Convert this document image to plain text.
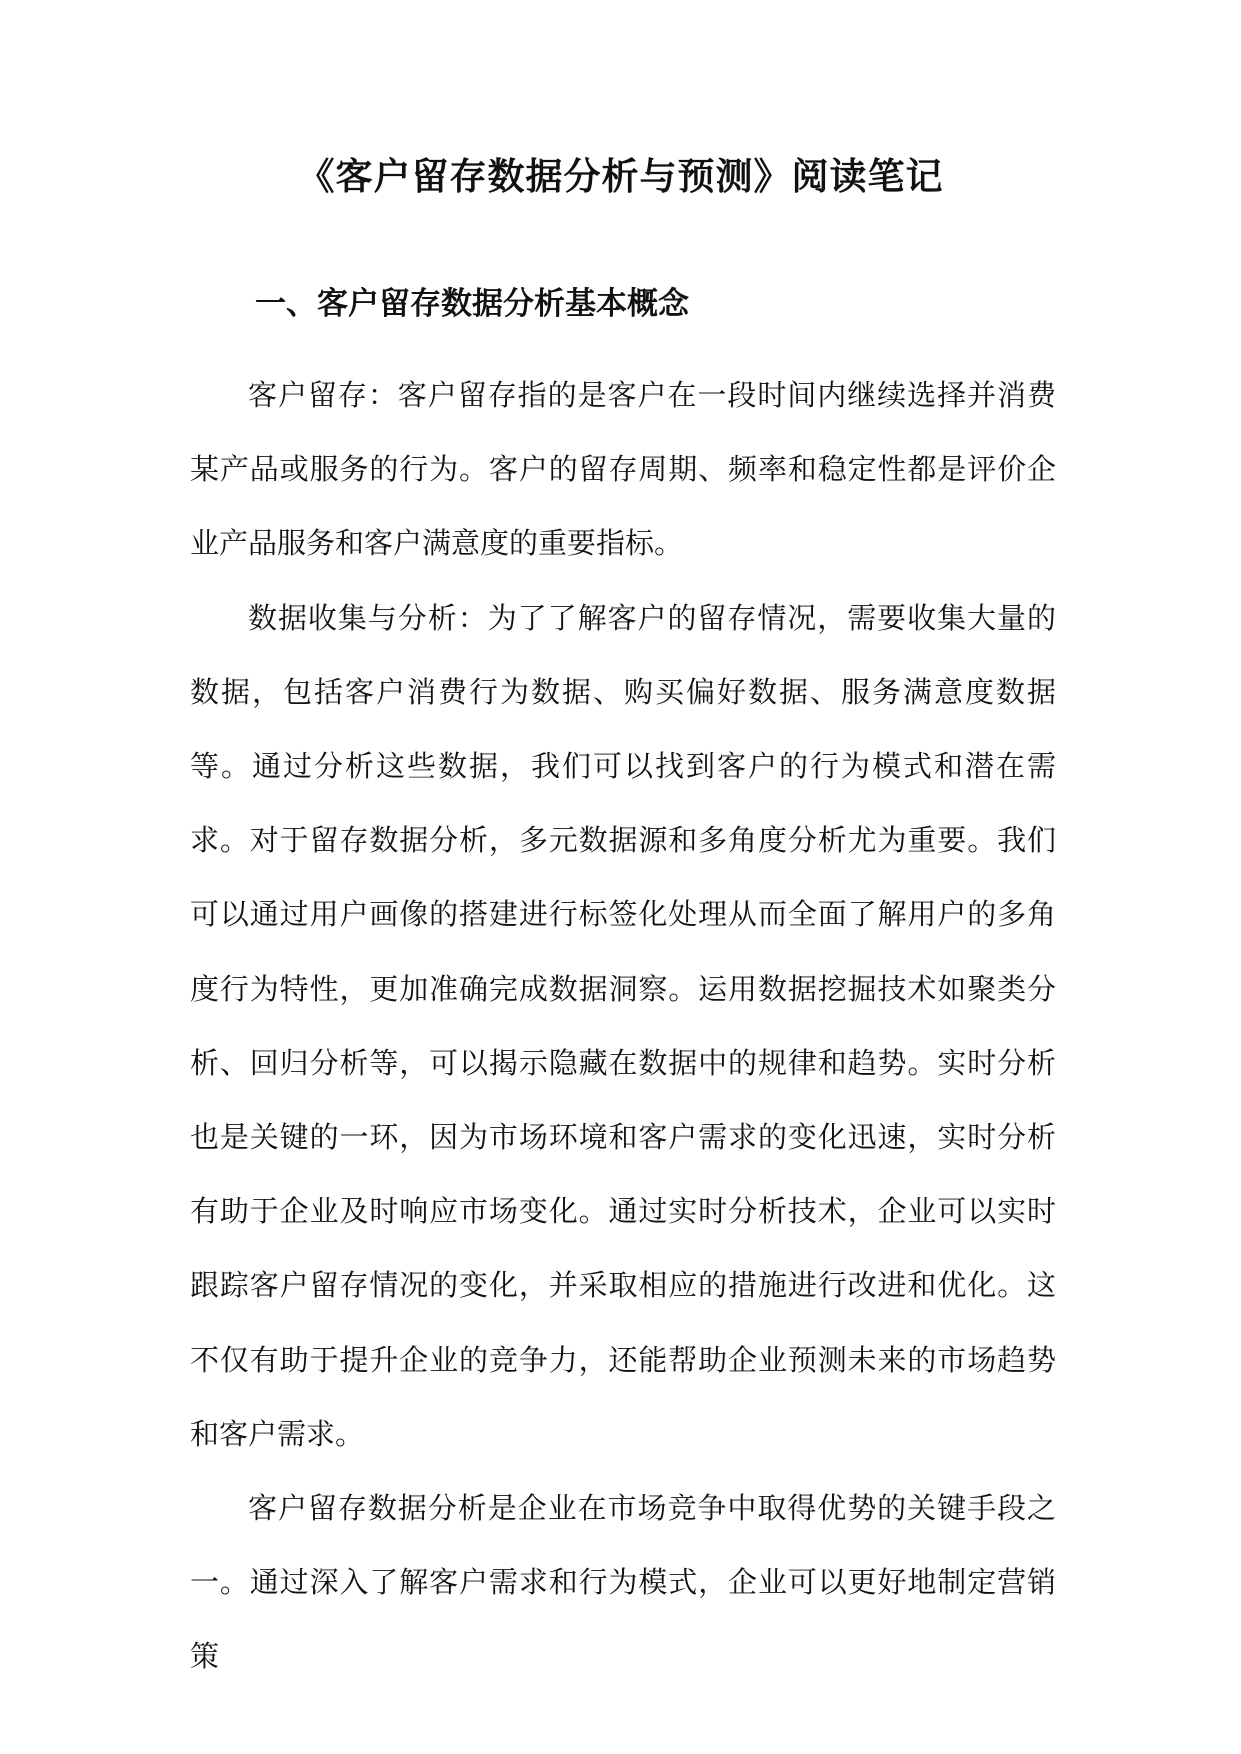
《客户留存数据分析与预测》阅读笔记
一、客户留存数据分析基本概念

客户留存：客户留存指的是客户在一段时间内继续选择并消费某产品或服务的行为。客户的留存周期、频率和稳定性都是评价企业产品服务和客户满意度的重要指标。

数据收集与分析：为了了解客户的留存情况，需要收集大量的数据，包括客户消费行为数据、购买偏好数据、服务满意度数据等。通过分析这些数据，我们可以找到客户的行为模式和潜在需求。对于留存数据分析，多元数据源和多角度分析尤为重要。我们可以通过用户画像的搭建进行标签化处理从而全面了解用户的多角度行为特性，更加准确完成数据洞察。运用数据挖掘技术如聚类分析、回归分析等，可以揭示隐藏在数据中的规律和趋势。实时分析也是关键的一环，因为市场环境和客户需求的变化迅速，实时分析有助于企业及时响应市场变化。通过实时分析技术，企业可以实时跟踪客户留存情况的变化，并采取相应的措施进行改进和优化。这不仅有助于提升企业的竞争力，还能帮助企业预测未来的市场趋势和客户需求。

客户留存数据分析是企业在市场竞争中取得优势的关键手段之一。通过深入了解客户需求和行为模式，企业可以更好地制定营销策
